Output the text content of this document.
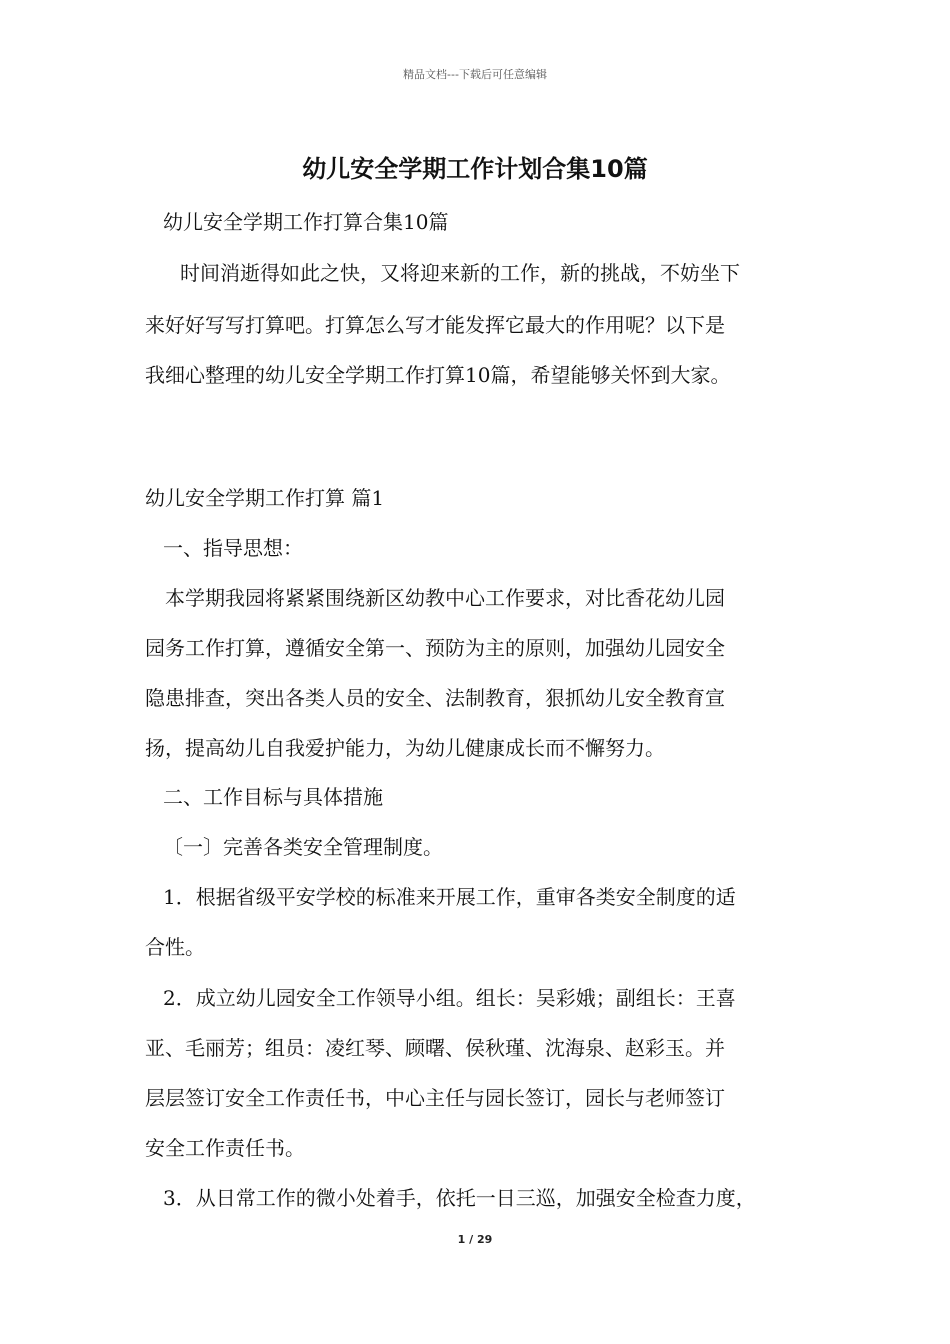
精品文档---下载后可任意编辑
幼儿安全学期工作计划合集10篇
幼儿安全学期工作打算合集10篇
时间消逝得如此之快，又将迎来新的工作，新的挑战，不妨坐下
来好好写写打算吧。打算怎么写才能发挥它最大的作用呢？以下是
我细心整理的幼儿安全学期工作打算10篇，希望能够关怀到大家。
幼儿安全学期工作打算 篇1
一、指导思想：
本学期我园将紧紧围绕新区幼教中心工作要求，对比香花幼儿园
园务工作打算，遵循安全第一、预防为主的原则，加强幼儿园安全
隐患排查，突出各类人员的安全、法制教育，狠抓幼儿安全教育宣
扬，提高幼儿自我爱护能力，为幼儿健康成长而不懈努力。
二、工作目标与具体措施
〔一〕完善各类安全管理制度。
1．根据省级平安学校的标准来开展工作，重审各类安全制度的适
合性。
2．成立幼儿园安全工作领导小组。组长：吴彩娥；副组长：王喜
亚、毛丽芳；组员：凌红琴、顾曙、侯秋瑾、沈海泉、赵彩玉。并
层层签订安全工作责任书，中心主任与园长签订，园长与老师签订
安全工作责任书。
3．从日常工作的微小处着手，依托一日三巡，加强安全检查力度，
1 / 29
